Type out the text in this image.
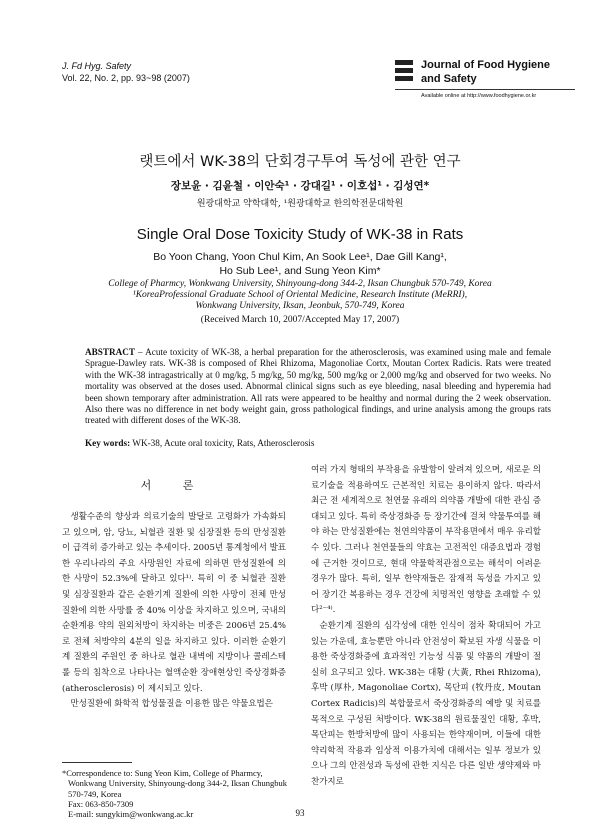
J. Fd Hyg. Safety
Vol. 22, No. 2, pp. 93~98 (2007)
Journal of Food Hygiene
and Safety
Available online at http://www.foodhygiene.or.kr
랫트에서 WK-38의 단회경구투여 독성에 관한 연구
장보윤 · 김윤철 · 이안숙¹ · 강대길¹ · 이호섭¹ · 김성연*
원광대학교 약학대학, ¹원광대학교 한의학전문대학원
Single Oral Dose Toxicity Study of WK-38 in Rats
Bo Yoon Chang, Yoon Chul Kim, An Sook Lee¹, Dae Gill Kang¹,
Ho Sub Lee¹, and Sung Yeon Kim*
College of Pharmcy, Wonkwang University, Shinyoung-dong 344-2, Iksan Chungbuk 570-749, Korea
¹KoreaProfessional Graduate School of Oriental Medicine, Research Institute (MeRRI),
Wonkwang University, Iksan, Jeonbuk, 570-749, Korea
(Received March 10, 2007/Accepted May 17, 2007)
ABSTRACT – Acute toxicity of WK-38, a herbal preparation for the atherosclerosis, was examined using male and female Sprague-Dawley rats. WK-38 is composed of Rhei Rhizoma, Magonoliae Cortx, Moutan Cortex Radicis. Rats were treated with the WK-38 intragastrically at 0 mg/kg, 5 mg/kg, 50 mg/kg, 500 mg/kg or 2,000 mg/kg and observed for two weeks. No mortality was observed at the doses used. Abnormal clinical signs such as eye bleeding, nasal bleeding and hyperemia had been shown temporary after administration. All rats were appeared to be healthy and normal during the 2 week observation. Also there was no difference in net body weight gain, gross pathological findings, and urine analysis among the groups rats treated with different doses of the WK-38.
Key words: WK-38, Acute oral toxicity, Rats, Atherosclerosis
서 론

생활수준의 향상과 의료기술의 발달로 고령화가 가속화되고 있으며, 암, 당뇨, 뇌혈관 질환 및 심장질환 등의 만성질환이 급격히 증가하고 있는 추세이다. 2005년 통계청에서 발표한 우리나라의 주요 사망원인 자료에 의하면 만성질환에 의한 사망이 52.3%에 달하고 있다¹⁾. 특히 이 중 뇌혈관 질환 및 심장질환과 같은 순환기계 질환에 의한 사망이 전체 만성질환에 의한 사망률 중 40% 이상을 차지하고 있으며, 국내의 순환계용 약의 원외처방이 차지하는 비중은 2006년 25.4%로 전체 처방약의 4분의 일을 차지하고 있다. 이러한 순환기계 질환의 주원인 중 하나로 혈관 내벽에 지방이나 콜레스테롤 등의 침착으로 나타나는 혈액순환 장애현상인 죽상경화증 (atherosclerosis) 이 제시되고 있다.

만성질환에 화학적 합성물질을 이용한 많은 약물요법은

여러 가지 형태의 부작용을 유발함이 알려져 있으며, 새로운 의료기술을 적용하여도 근본적인 치료는 용이하지 않다. 따라서 최근 전 세계적으로 천연물 유래의 의약품 개발에 대한 관심 증대되고 있다. 특히 죽상경화증 등 장기간에 걸쳐 약물투여를 해야 하는 만성질환에는 천연의약품이 부작용면에서 매우 유리할 수 있다. 그러나 천연물들의 약효는 고전적인 대증요법과 경험에 근거한 것이므로, 현대 약물학적관점으로는 해석이 어려운 경우가 많다. 특히, 일부 한약재들은 잠재적 독성을 가지고 있어 장기간 복용하는 경우 건강에 치명적인 영향을 초래할 수 있다²⁻⁴⁾.

순환기계 질환의 심각성에 대한 인식이 점차 확대되어 가고 있는 가운데, 효능뿐만 아니라 안전성이 확보된 자생 식물을 이용한 죽상경화증에 효과적인 기능성 식품 및 약품의 개발이 절실히 요구되고 있다. WK-38는 대황 (大黃, Rhei Rhizoma), 후박 (厚朴, Magonoliae Cortx), 목단피 (牧丹皮, Moutan Cortex Radicis)의 복합물로서 죽상경화증의 예방 및 치료를 목적으로 구성된 처방이다. WK-38의 원료물질인 대황, 후박, 목단피는 한방처방에 많이 사용되는 한약재이며, 이들에 대한 약리학적 작용과 임상적 이용가치에 대해서는 일부 정보가 있으나 그의 안전성과 독성에 관한 지식은 다른 일반 생약제와 마찬가지로

*Correspondence to: Sung Yeon Kim, College of Pharmcy,
Wonkwang University, Shinyoung-dong 344-2, Iksan Chungbuk
570-749, Korea
Fax: 063-850-7309
E-mail: sungykim@wonkwang.ac.kr	93
